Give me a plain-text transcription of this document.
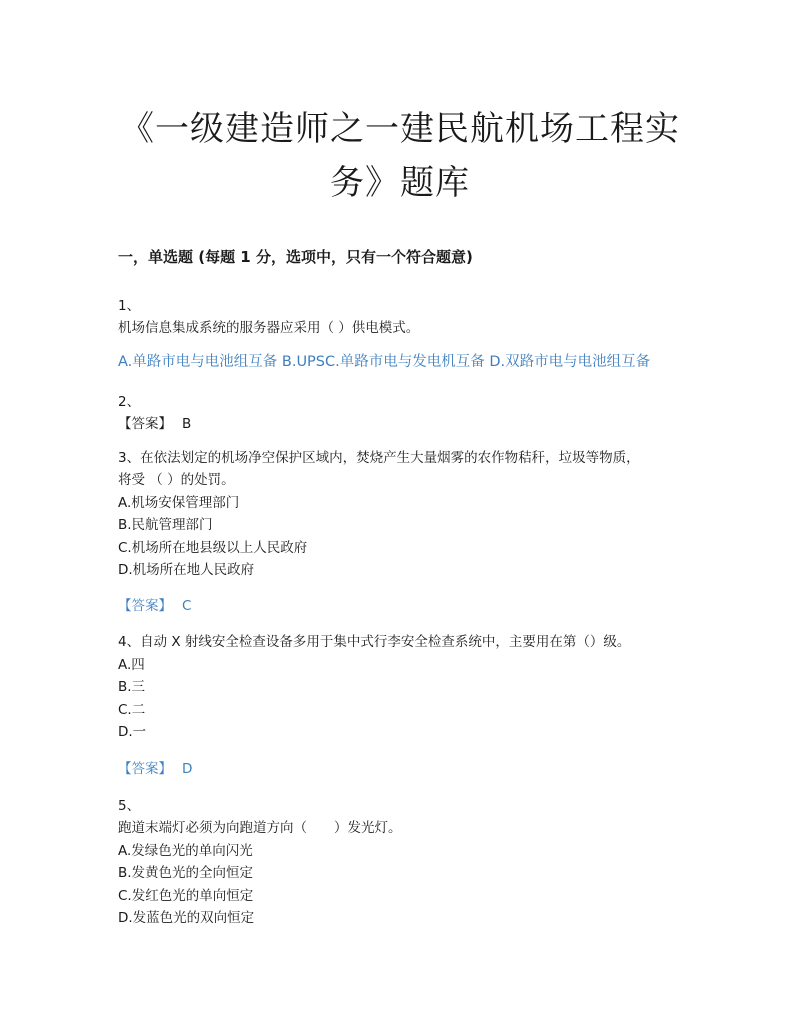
《一级建造师之一建民航机场工程实
务》题库
一，单选题 (每题 1 分，选项中，只有一个符合题意)
1、
机场信息集成系统的服务器应采用（ ）供电模式。
A.单路市电与电池组互备 B.UPSC.单路市电与发电机互备 D.双路市电与电池组互备
2、
【答案】 B
3、在依法划定的机场净空保护区域内，焚烧产生大量烟雾的农作物秸秆，垃圾等物质，
将受 （ ）的处罚。
A.机场安保管理部门
B.民航管理部门
C.机场所在地县级以上人民政府
D.机场所在地人民政府
【答案】 C
4、自动 X 射线安全检查设备多用于集中式行李安全检查系统中，主要用在第（）级。
A.四
B.三
C.二
D.一
【答案】 D
5、
跑道末端灯必须为向跑道方向（　　）发光灯。
A.发绿色光的单向闪光
B.发黄色光的全向恒定
C.发红色光的单向恒定
D.发蓝色光的双向恒定
